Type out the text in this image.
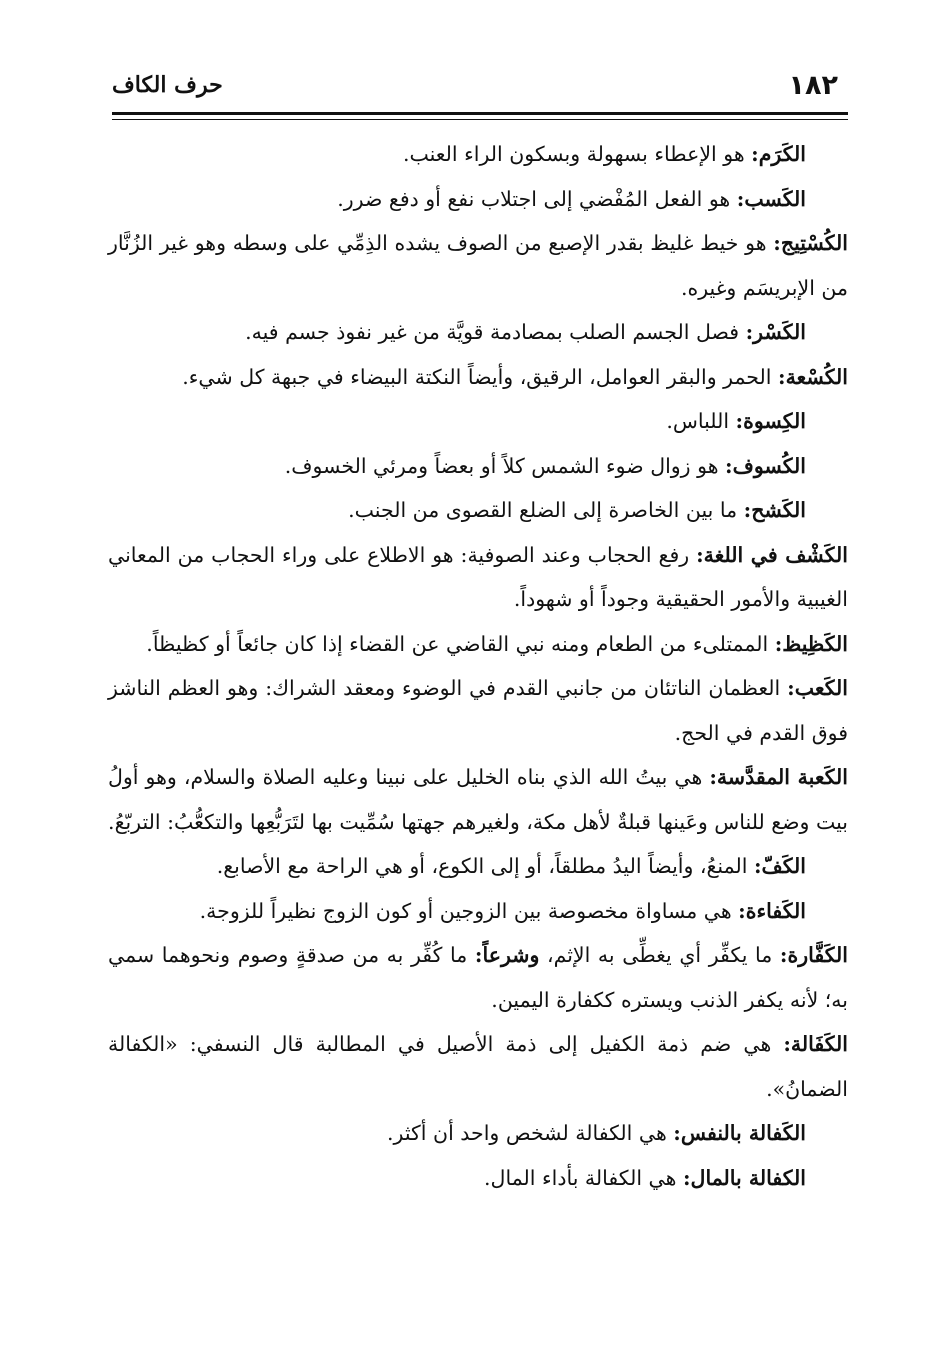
١٨٢
حرف الكاف

الكَرَم: هو الإعطاء بسهولة وبسكون الراء العنب.

الكَسب: هو الفعل المُفْضي إلى اجتلاب نفع أو دفع ضرر.

الكُسْتِيج: هو خيط غليظ بقدر الإصبع من الصوف يشده الذِمِّي على وسطه وهو غير الزُنَّار من الإبريسَم وغيره.

الكَسْر: فصل الجسم الصلب بمصادمة قويَّة من غير نفوذ جسم فيه.

الكُسْعة: الحمر والبقر العوامل، الرقيق، وأيضاً النكتة البيضاء في جبهة كل شيء.

الكِسوة: اللباس.

الكُسوف: هو زوال ضوء الشمس كلاً أو بعضاً ومرئي الخسوف.

الكَشح: ما بين الخاصرة إلى الضلع القصوى من الجنب.

الكَشْف في اللغة: رفع الحجاب وعند الصوفية: هو الاطلاع على وراء الحجاب من المعاني الغيبية والأمور الحقيقية وجوداً أو شهوداً.

الكَظِيظ: الممتلىء من الطعام ومنه نبي القاضي عن القضاء إذا كان جائعاً أو كظيظاً.

الكَعب: العظمان الناتئان من جانبي القدم في الوضوء ومعقد الشراك: وهو العظم الناشز فوق القدم في الحج.

الكَعبة المقدَّسة: هي بيتُ الله الذي بناه الخليل على نبينا وعليه الصلاة والسلام، وهو أولُ بيت وضع للناس وعَينها قبلةٌ لأهل مكة، ولغيرهم جهتها سُمِّيت بها لتَرَبُّعِها والتكعُّبُ: التربّعُ.

الكَفّ: المنعُ، وأيضاً اليدُ مطلقاً، أو إلى الكوع، أو هي الراحة مع الأصابع.

الكَفاءة: هي مساواة مخصوصة بين الزوجين أو كون الزوج نظيراً للزوجة.

الكَفَّارة: ما يكفِّر أي يغطِّى به الإثم، وشرعاً: ما كُفِّر به من صدقةٍ وصوم ونحوهما سمي به؛ لأنه يكفر الذنب ويستره ككفارة اليمين.

الكَفَالة: هي ضم ذمة الكفيل إلى ذمة الأصيل في المطالبة قال النسفي: «الكفالة الضمانُ».

الكَفالة بالنفس: هي الكفالة لشخص واحد أن أكثر.

الكفالة بالمال: هي الكفالة بأداء المال.
